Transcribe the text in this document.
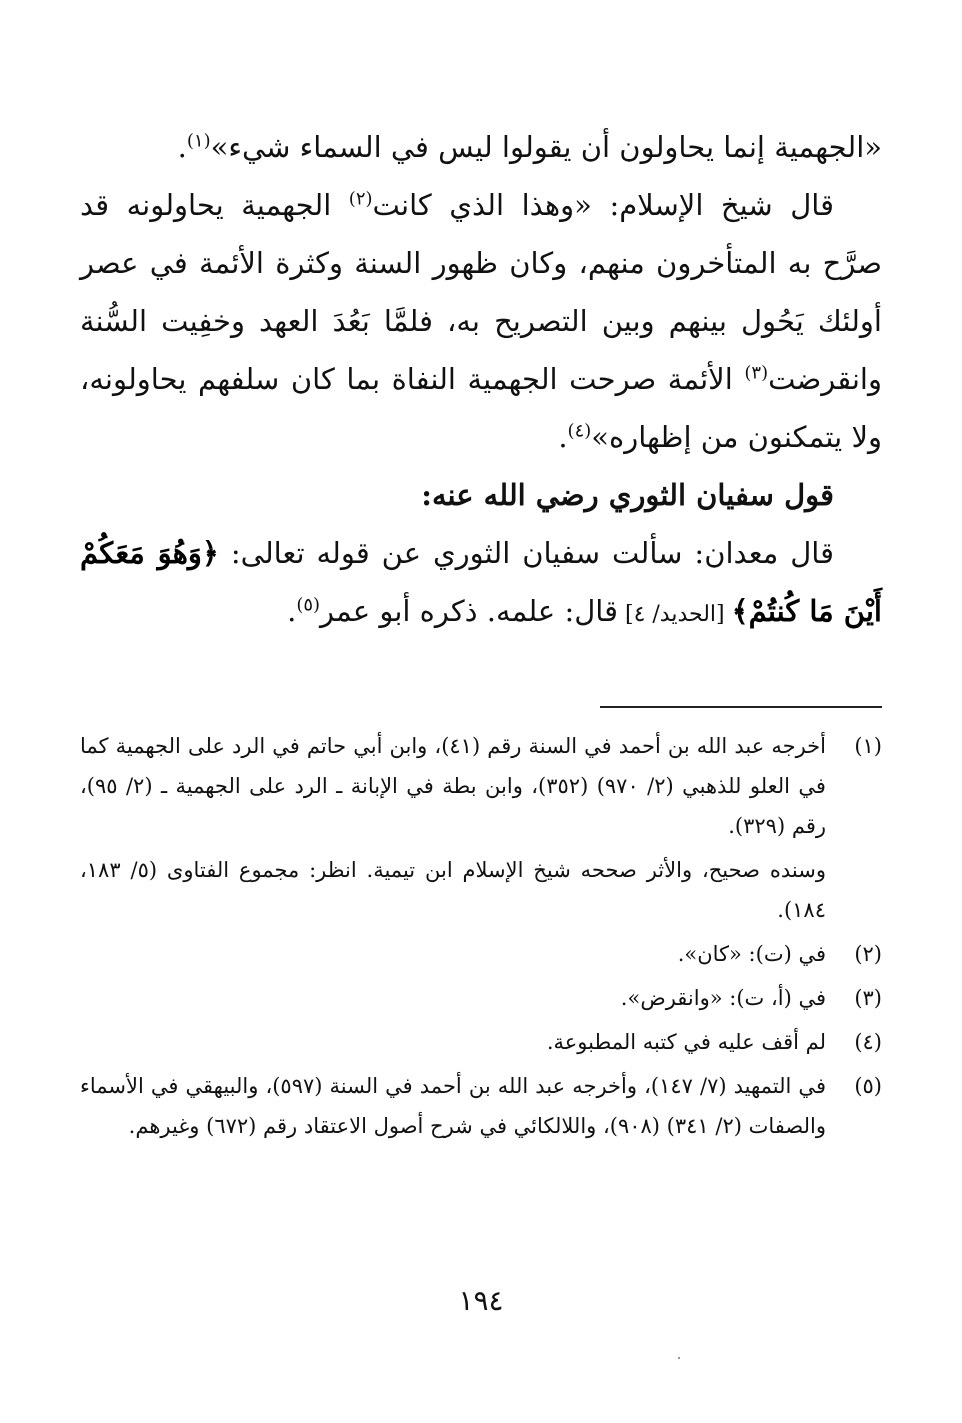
«الجهمية إنما يحاولون أن يقولوا ليس في السماء شيء»$^{(١)}$.

قال شيخ الإسلام: «وهذا الذي كانت$^{(٢)}$ الجهمية يحاولونه قد صرَّح به المتأخرون منهم، وكان ظهور السنة وكثرة الأئمة في عصر أولئك يَحُول بينهم وبين التصريح به، فلمَّا بَعُدَ العهد وخفِيت السُّنة وانقرضت$^{(٣)}$ الأئمة صرحت الجهمية النفاة بما كان سلفهم يحاولونه، ولا يتمكنون من إظهاره»$^{(٤)}$.

قول سفيان الثوري رضي الله عنه:

قال معدان: سألت سفيان الثوري عن قوله تعالى: ﴿وَهُوَ مَعَكُمْ أَيْنَ مَا كُنتُمْ﴾ [الحديد/ ٤] قال: علمه. ذكره أبو عمر$^{(٥)}$.

(١)
أخرجه عبد الله بن أحمد في السنة رقم (٤١)، وابن أبي حاتم في الرد على الجهمية كما في العلو للذهبي (٢/ ٩٧٠) (٣٥٢)، وابن بطة في الإبانة ـ الرد على الجهمية ـ (٢/ ٩٥)، رقم (٣٢٩).
وسنده صحيح، والأثر صححه شيخ الإسلام ابن تيمية. انظر: مجموع الفتاوى (٥/ ١٨٣، ١٨٤).
(٢)
في (ت): «كان».
(٣)
في (أ، ت): «وانقرض».
(٤)
لم أقف عليه في كتبه المطبوعة.
(٥)
في التمهيد (٧/ ١٤٧)، وأخرجه عبد الله بن أحمد في السنة (٥٩٧)، والبيهقي في الأسماء والصفات (٢/ ٣٤١) (٩٠٨)، واللالكائي في شرح أصول الاعتقاد رقم (٦٧٢) وغيرهم.
١٩٤
